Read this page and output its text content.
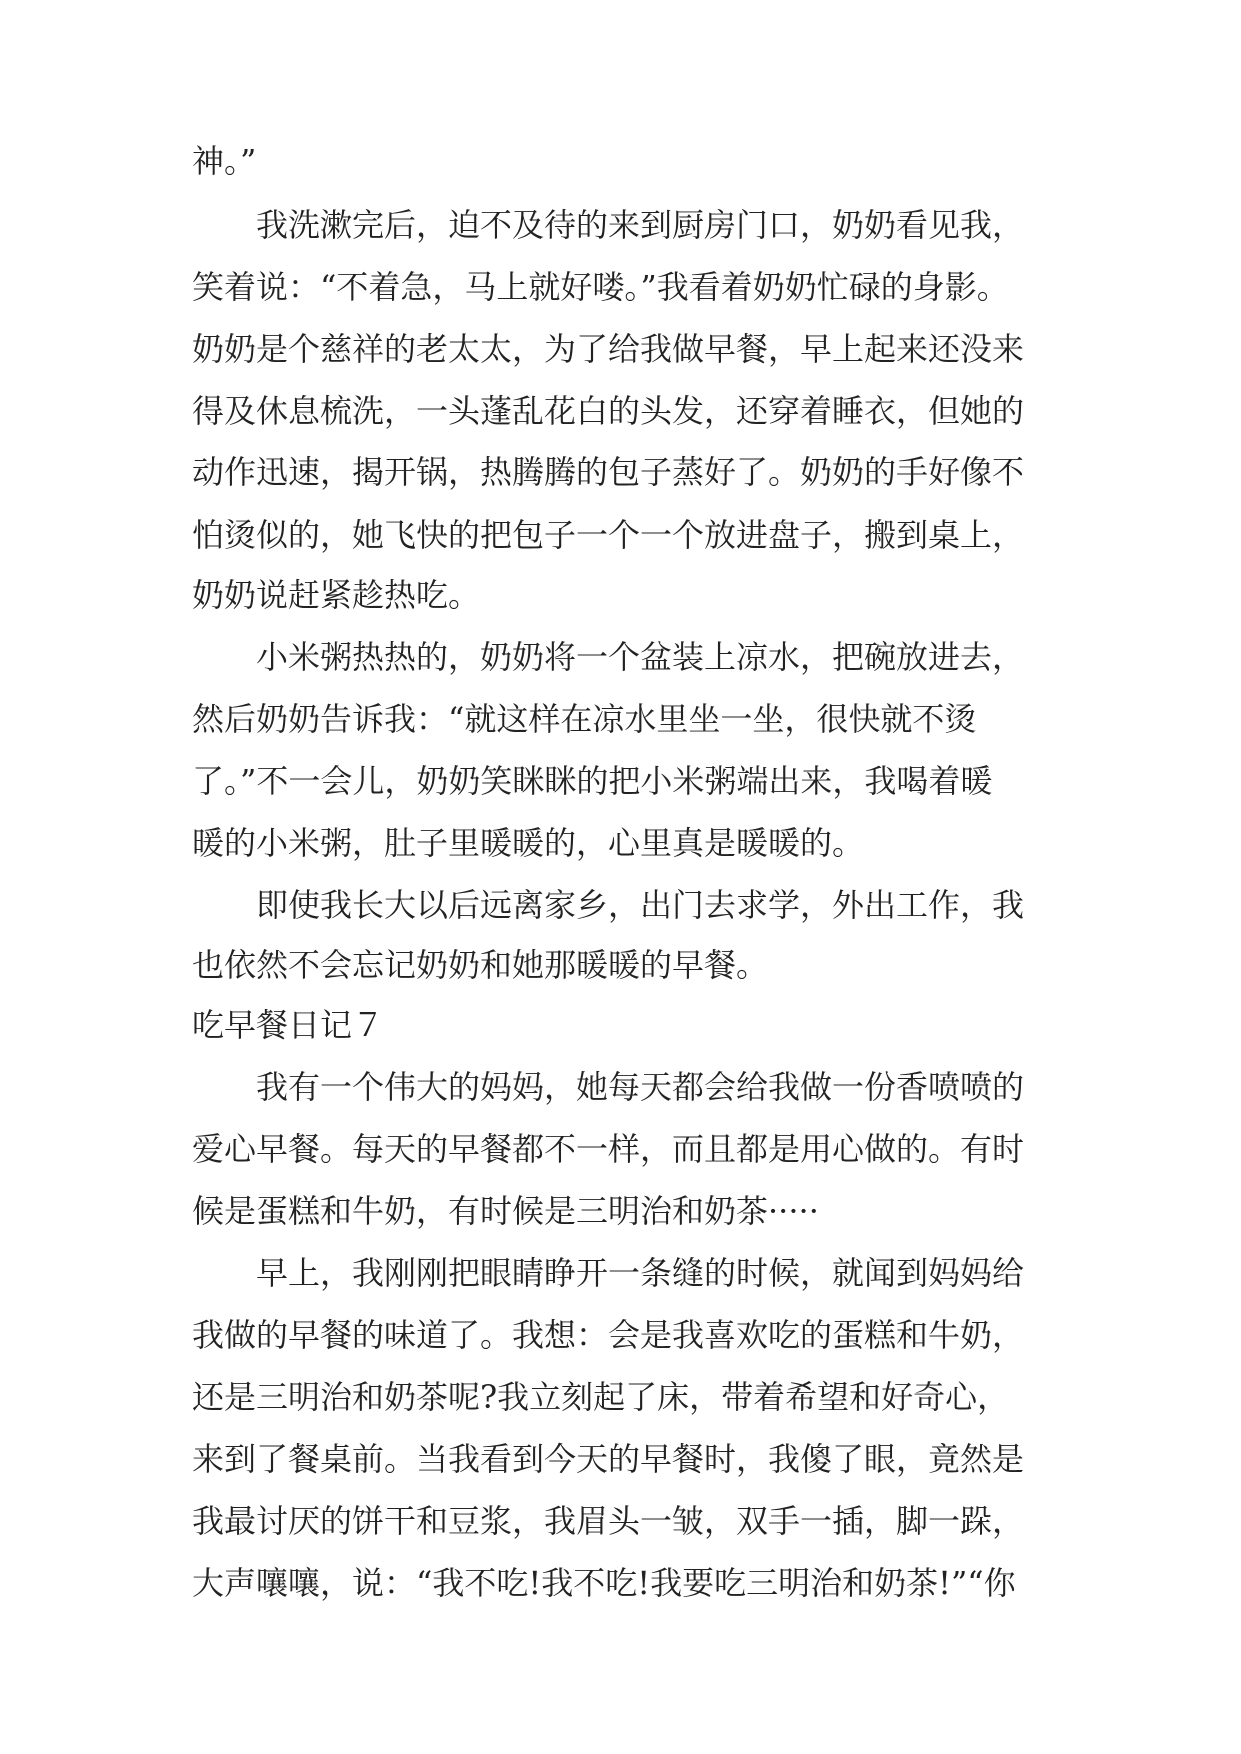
神。”
我洗漱完后，迫不及待的来到厨房门口，奶奶看见我，
笑着说：“不着急，马上就好喽。”我看着奶奶忙碌的身影。
奶奶是个慈祥的老太太，为了给我做早餐，早上起来还没来
得及休息梳洗，一头蓬乱花白的头发，还穿着睡衣，但她的
动作迅速，揭开锅，热腾腾的包子蒸好了。奶奶的手好像不
怕烫似的，她飞快的把包子一个一个放进盘子，搬到桌上，
奶奶说赶紧趁热吃。
小米粥热热的，奶奶将一个盆装上凉水，把碗放进去，
然后奶奶告诉我：“就这样在凉水里坐一坐，很快就不烫
了。”不一会儿，奶奶笑眯眯的把小米粥端出来，我喝着暖
暖的小米粥，肚子里暖暖的，心里真是暖暖的。
即使我长大以后远离家乡，出门去求学，外出工作，我
也依然不会忘记奶奶和她那暖暖的早餐。
吃早餐日记７
我有一个伟大的妈妈，她每天都会给我做一份香喷喷的
爱心早餐。每天的早餐都不一样，而且都是用心做的。有时
候是蛋糕和牛奶，有时候是三明治和奶茶·····
早上，我刚刚把眼睛睁开一条缝的时候，就闻到妈妈给
我做的早餐的味道了。我想：会是我喜欢吃的蛋糕和牛奶，
还是三明治和奶茶呢?我立刻起了床，带着希望和好奇心，
来到了餐桌前。当我看到今天的早餐时，我傻了眼，竟然是
我最讨厌的饼干和豆浆，我眉头一皱，双手一插，脚一跺，
大声嚷嚷，说：“我不吃!我不吃!我要吃三明治和奶茶!”“你
